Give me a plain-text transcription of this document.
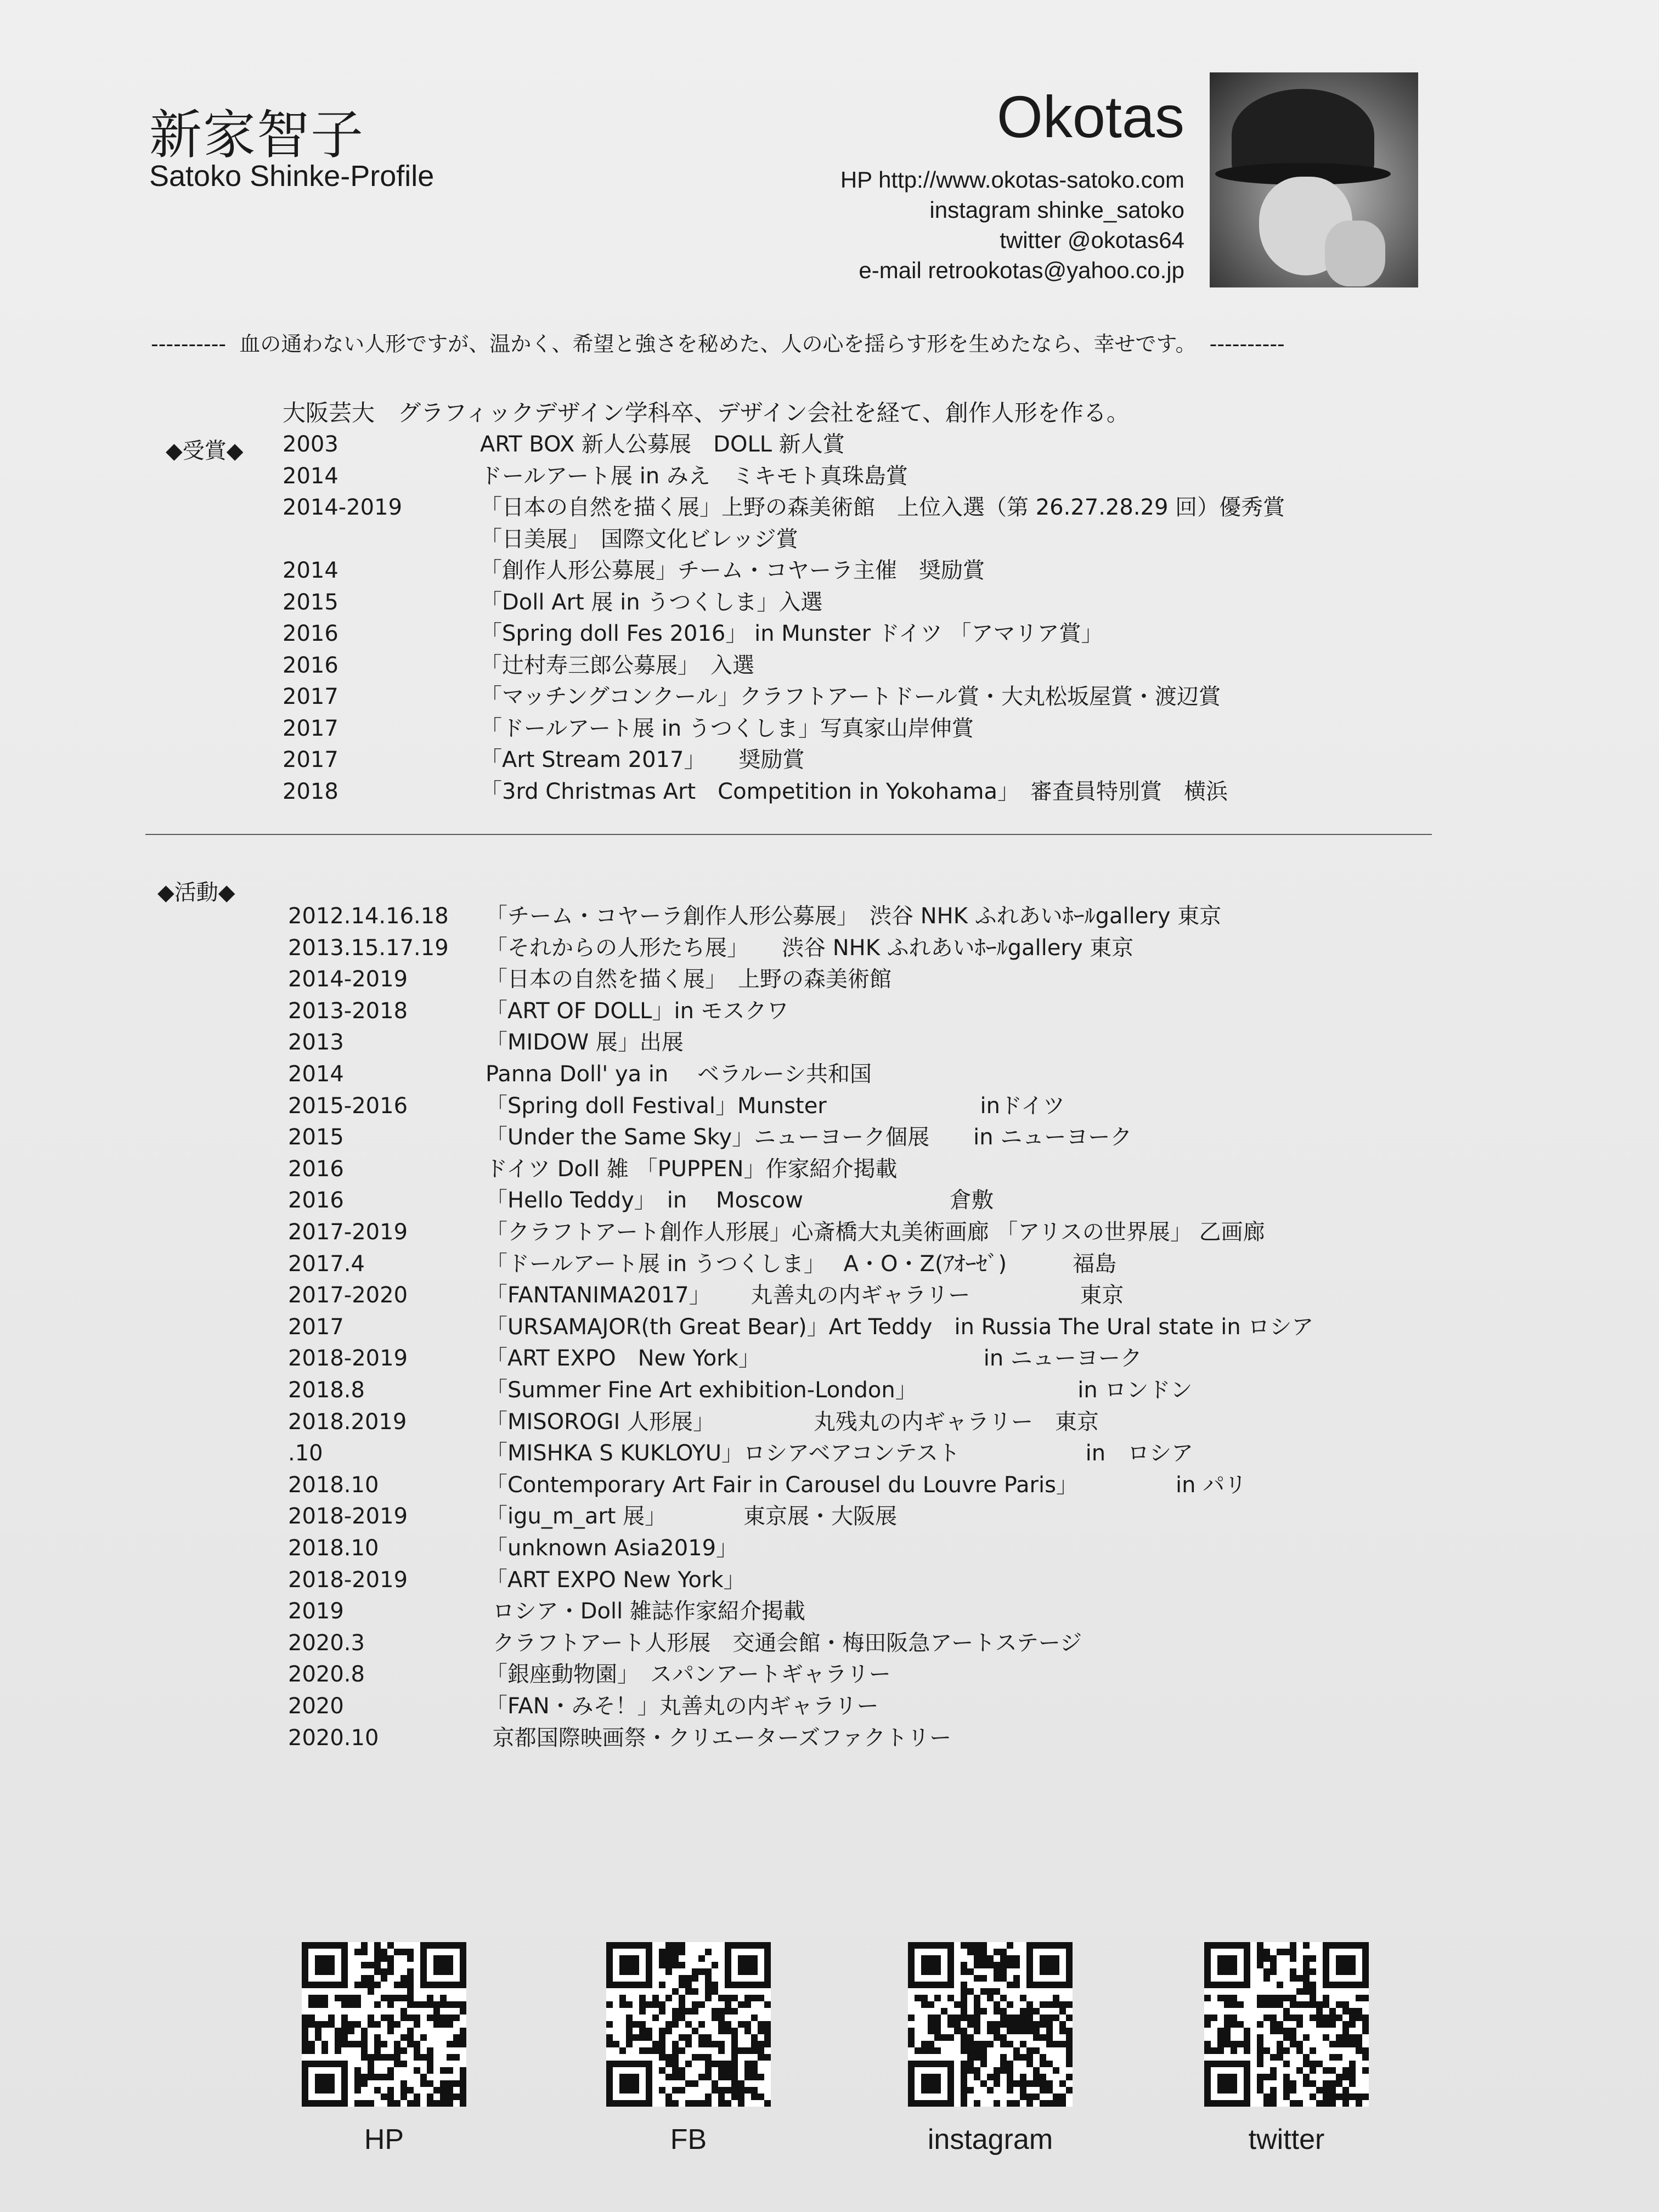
新家智子
Satoko Shinke-Profile
Okotas
HP http://www.okotas-satoko.com
instagram shinke_satoko
twitter @okotas64
e-mail retrookotas@yahoo.co.jp
----------  血の通わない人形ですが、温かく、希望と強さを秘めた、人の心を揺らす形を生めたなら、幸せです。  ----------
大阪芸大　グラフィックデザイン学科卒、デザイン会社を経て、創作人形を作る。
◆受賞◆ 2003	ART BOX 新人公募展　DOLL 新人賞
2014	ドールアート展 in みえ　ミキモト真珠島賞
2014-2019	「日本の自然を描く展」上野の森美術館　上位入選（第 26.27.28.29 回）優秀賞
「日美展」　国際文化ビレッジ賞
2014	「創作人形公募展」チーム・コヤーラ主催　奨励賞
2015	「Doll Art 展 in うつくしま」入選
2016	「Spring doll Fes 2016」 in Munster ドイツ 「アマリア賞」
2016	「辻村寿三郎公募展」　入選
2017	「マッチングコンクール」クラフトアートドール賞・大丸松坂屋賞・渡辺賞
2017	「ドールアート展 in うつくしま」写真家山岸伸賞
2017	「Art Stream 2017」　　奨励賞
2018	「3rd Christmas Art　Competition in Yokohama」　審査員特別賞　横浜
◆活動◆
2012.14.16.18 「チーム・コヤーラ創作人形公募展」　渋谷 NHK ふれあいﾎｰﾙgallery 東京
2013.15.17.19 「それからの人形たち展」　　渋谷 NHK ふれあいﾎｰﾙgallery 東京
2014-2019	「日本の自然を描く展」　上野の森美術館
2013-2018	「ART OF DOLL」in モスクワ
2013	「MIDOW 展」出展
2014	Panna Doll' ya in　 ベラルーシ共和国
2015-2016	「Spring doll Festival」Munster                      inドイツ
2015	「Under the Same Sky」ニューヨーク個展　　in ニューヨーク
2016	ドイツ Doll 雑 「PUPPEN」作家紹介掲載
2016	「Hello Teddy」　in　 Moscow                     倉敷
2017-2019	「クラフトアート創作人形展」心斎橋大丸美術画廊 「アリスの世界展」 乙画廊
2017.4	「ドールアート展 in うつくしま」　 A・O・Z(ｱｵｰｾﾞ)　　　福島
2017-2020	「FANTANIMA2017」　　 丸善丸の内ギャラリー　　　　　東京
2017	「URSAMAJOR(th Great Bear)」Art Teddy　in Russia The Ural state in ロシア
2018-2019	「ART EXPO　New York」                                in ニューヨーク
2018.8	「Summer Fine Art exhibition-London」                       in ロンドン
2018.2019	「MISOROGI 人形展」　　　　　丸残丸の内ギャラリー　東京
.10	「MISHKA S KUKLOYU」ロシアベアコンテスト                  in　ロシア
2018.10	「Contemporary Art Fair in Carousel du Louvre Paris」              in パリ
2018-2019	「igu_m_art 展」　　　　東京展・大阪展
2018.10	「unknown Asia2019」
2018-2019	「ART EXPO New York」
2019	ロシア・Doll 雑誌作家紹介掲載
2020.3	クラフトアート人形展　交通会館・梅田阪急アートステージ
2020.8	「銀座動物園」　スパンアートギャラリー
2020	「FAN・みそ！」丸善丸の内ギャラリー
2020.10	京都国際映画祭・クリエーターズファクトリー
HP	FB	instagram	twitter
